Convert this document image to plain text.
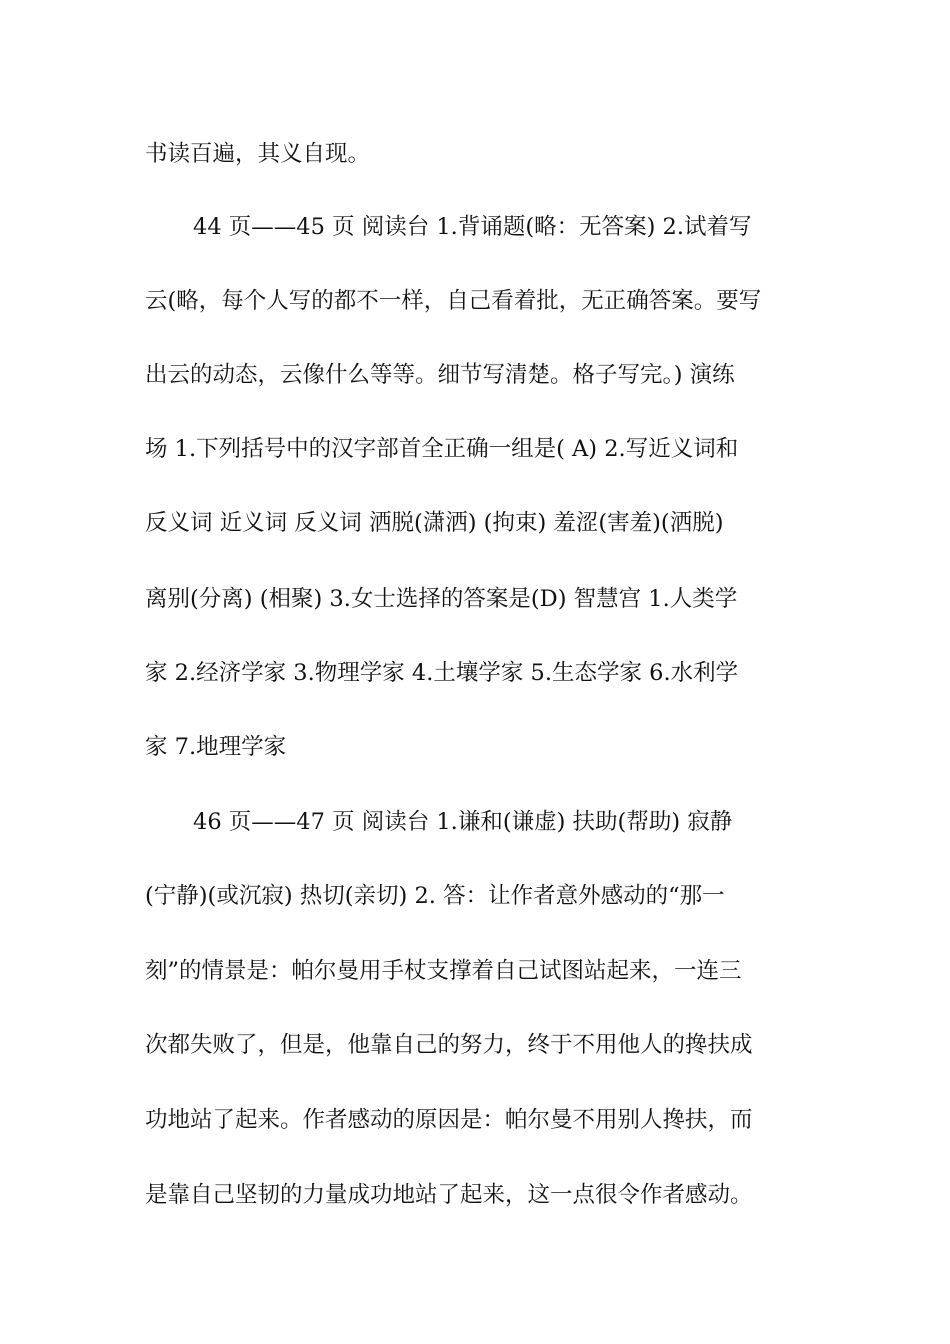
书读百遍，其义自现。
44 页——45 页 阅读台 1.背诵题(略：无答案) 2.试着写
云(略，每个人写的都不一样，自己看着批，无正确答案。要写
出云的动态，云像什么等等。细节写清楚。格子写完。) 演练
场 1.下列括号中的汉字部首全正确一组是( A) 2.写近义词和
反义词 近义词 反义词 洒脱(潇洒) (拘束) 羞涩(害羞)(洒脱)
离别(分离) (相聚) 3.女士选择的答案是(D) 智慧宫 1.人类学
家 2.经济学家 3.物理学家 4.土壤学家 5.生态学家 6.水利学
家 7.地理学家
46 页——47 页 阅读台 1.谦和(谦虚) 扶助(帮助) 寂静
(宁静)(或沉寂) 热切(亲切) 2. 答：让作者意外感动的“那一
刻”的情景是：帕尔曼用手杖支撑着自己试图站起来，一连三
次都失败了，但是，他靠自己的努力，终于不用他人的搀扶成
功地站了起来。作者感动的原因是：帕尔曼不用别人搀扶，而
是靠自己坚韧的力量成功地站了起来，这一点很令作者感动。
